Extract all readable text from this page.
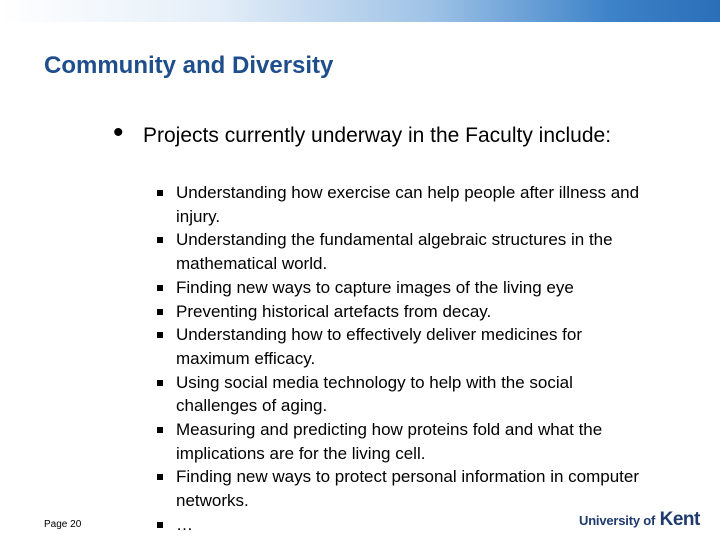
Community and Diversity
• Projects currently underway in the Faculty include:
Understanding how exercise can help people after illness and injury.
Understanding the fundamental algebraic structures in the mathematical world.
Finding new ways to capture images of the living eye
Preventing historical artefacts from decay.
Understanding how to effectively deliver medicines for maximum efficacy.
Using social media technology to help with the social challenges of aging.
Measuring and predicting how proteins fold and what the implications are for the living cell.
Finding new ways to protect personal information in computer networks.
…
Page 20	University of Kent
